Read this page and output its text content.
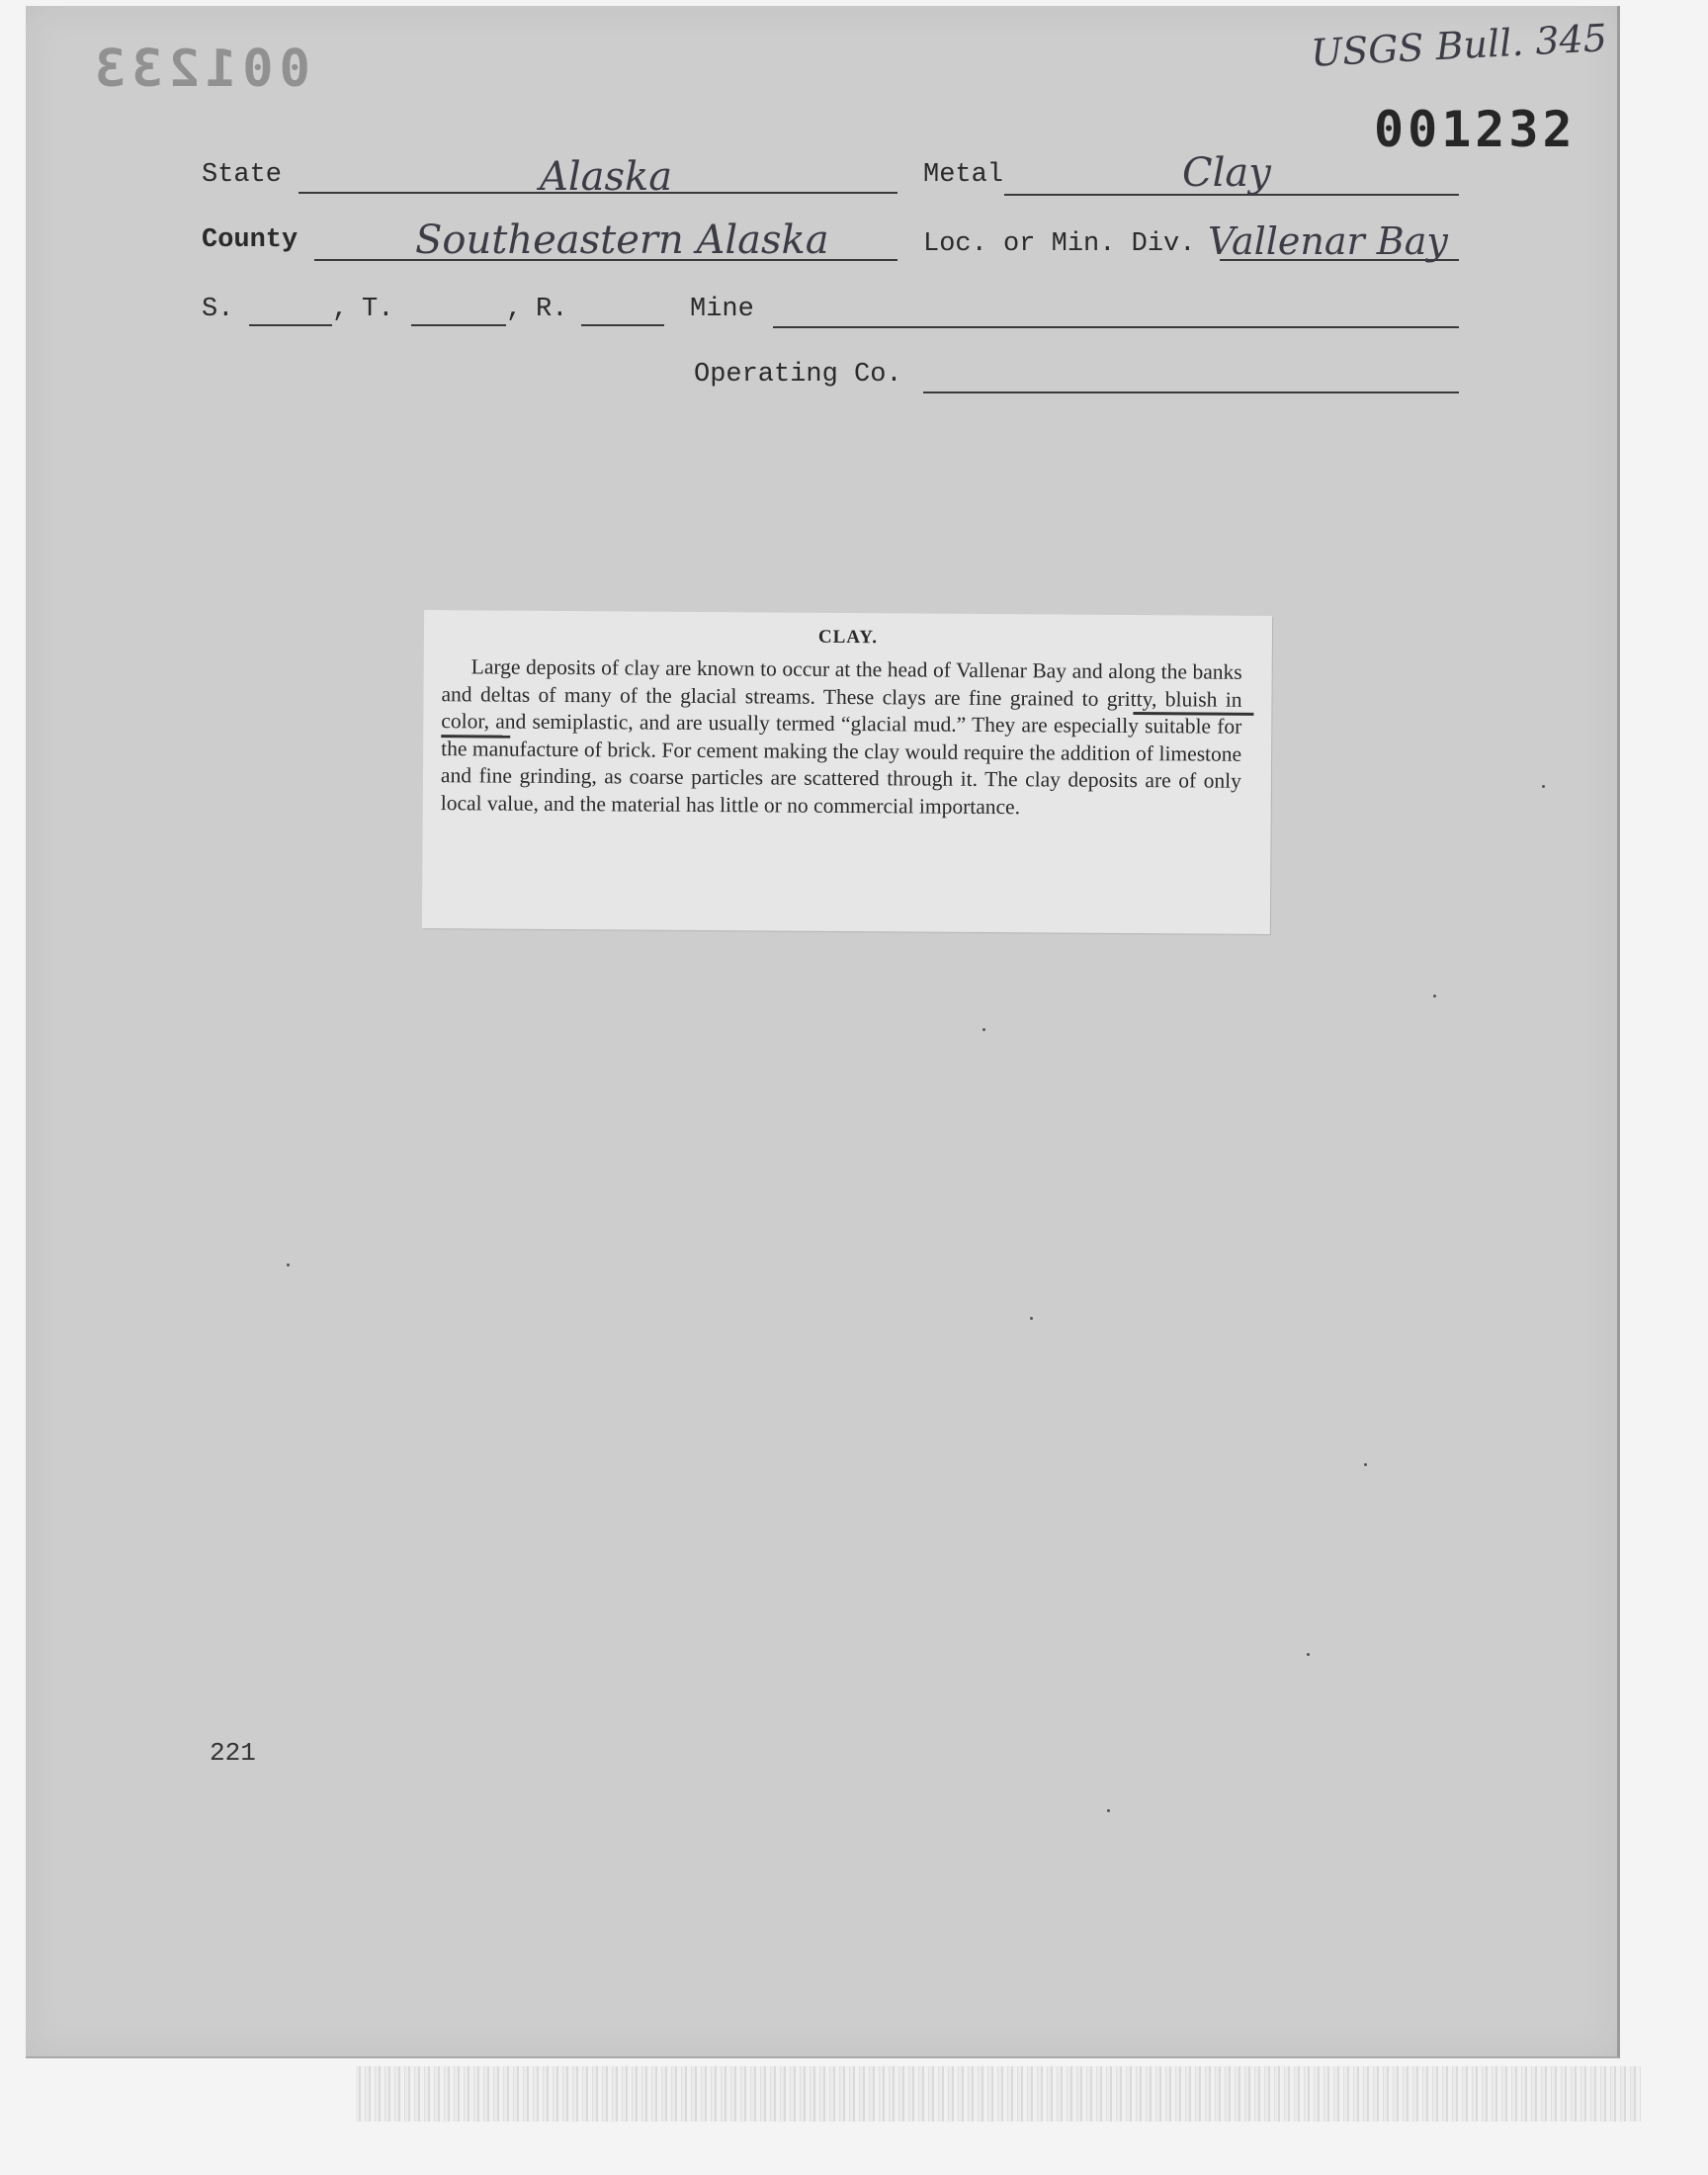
001233	USGS Bull. 345
001232
State	Alaska	Metal	Clay
County	Southeastern Alaska	Loc. or Min. Div. Vallenar Bay
S.	, T.	, R.	Mine
Operating Co.
CLAY.
Large deposits of clay are known to occur at the head of Vallenar Bay and along the banks and deltas of many of the glacial streams. These clays are fine grained to gritty, bluish in color, and semiplastic, and are usually termed “glacial mud.” They are especially suitable for the manufacture of brick. For cement making the clay would require the addition of limestone and fine grinding, as coarse particles are scattered through it. The clay deposits are of only local value, and the material has little or no commercial importance.
221
